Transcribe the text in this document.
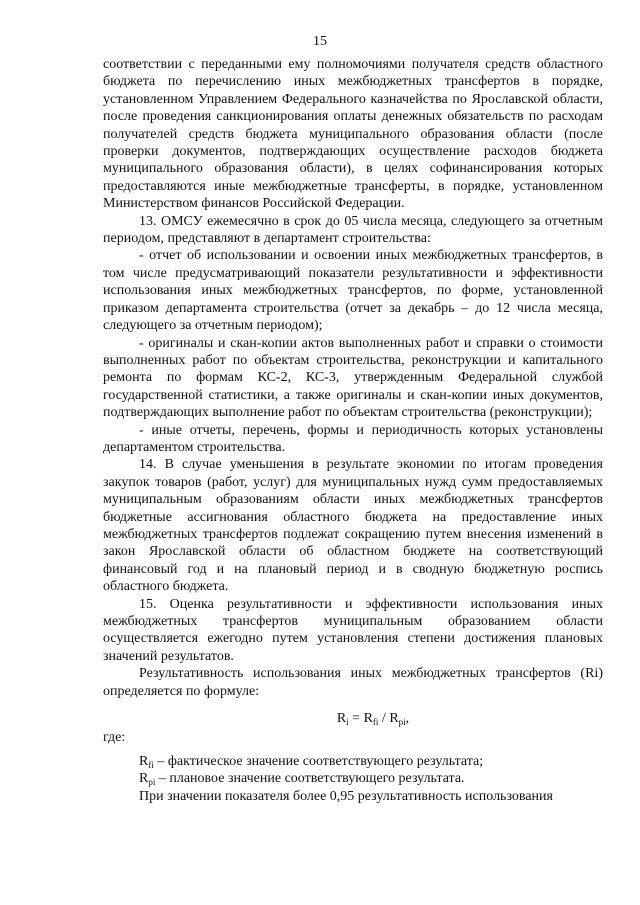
15

соответствии с переданными ему полномочиями получателя средств областного бюджета по перечислению иных межбюджетных трансфертов в порядке, установленном Управлением Федерального казначейства по Ярославской области, после проведения санкционирования оплаты денежных обязательств по расходам получателей средств бюджета муниципального образования области (после проверки документов, подтверждающих осуществление расходов бюджета муниципального образования области), в целях софинансирования которых предоставляются иные межбюджетные трансферты, в порядке, установленном Министерством финансов Российской Федерации.

13. ОМСУ ежемесячно в срок до 05 числа месяца, следующего за отчетным периодом, представляют в департамент строительства:

- отчет об использовании и освоении иных межбюджетных трансфертов, в том числе предусматривающий показатели результативности и эффективности использования иных межбюджетных трансфертов, по форме, установленной приказом департамента строительства (отчет за декабрь – до 12 числа месяца, следующего за отчетным периодом);

- оригиналы и скан-копии актов выполненных работ и справки о стоимости выполненных работ по объектам строительства, реконструкции и капитального ремонта по формам КС-2, КС-3, утвержденным Федеральной службой государственной статистики, а также оригиналы и скан-копии иных документов, подтверждающих выполнение работ по объектам строительства (реконструкции);

- иные отчеты, перечень, формы и периодичность которых установлены департаментом строительства.

14. В случае уменьшения в результате экономии по итогам проведения закупок товаров (работ, услуг) для муниципальных нужд сумм предоставляемых муниципальным образованиям области иных межбюджетных трансфертов бюджетные ассигнования областного бюджета на предоставление иных межбюджетных трансфертов подлежат сокращению путем внесения изменений в закон Ярославской области об областном бюджете на соответствующий финансовый год и на плановый период и в сводную бюджетную роспись областного бюджета.

15. Оценка результативности и эффективности использования иных межбюджетных трансфертов муниципальным образованием области осуществляется ежегодно путем установления степени достижения плановых значений результатов.

Результативность использования иных межбюджетных трансфертов (Ri) определяется по формуле:

$R_i = R_{fi} / R_{pi}$,

где:

$R_{fi}$ – фактическое значение соответствующего результата;

$R_{pi}$ – плановое значение соответствующего результата.

При значении показателя более 0,95 результативность использования
